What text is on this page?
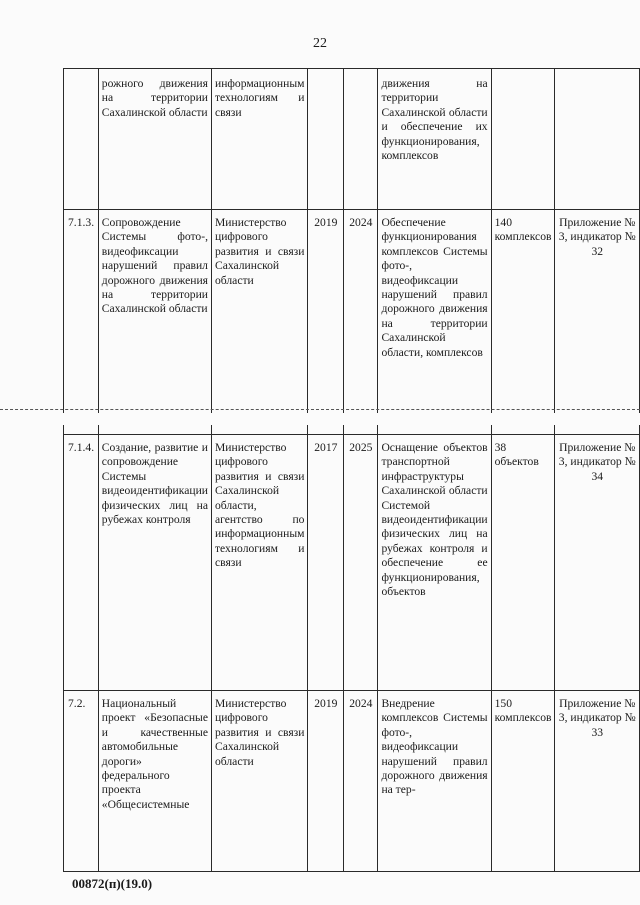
22
	рожного движения на территории Сахалинской области	информационным технологиям и связи			движения на территории Сахалинской области и обеспечение их функционирования, комплексов		
7.1.3.	Сопровождение Системы фото-, видеофиксации нарушений правил дорожного движения на территории Сахалинской области	Министерство цифрового развития и связи Сахалинской области	2019	2024	Обеспечение функционирования комплексов Системы фото-, видеофиксации нарушений правил дорожного движения на территории Сахалинской области, комплексов	140 комплексов	Приложение № 3, индикатор № 32
7.1.4.	Создание, развитие и сопровождение Системы видеоидентификации физических лиц на рубежах контроля	Министерство цифрового развития и связи Сахалинской области, агентство по информационным технологиям и связи	2017	2025	Оснащение объектов транспортной инфраструктуры Сахалинской области Системой видеоидентификации физических лиц на рубежах контроля и обеспечение ее функционирования, объектов	38 объектов	Приложение № 3, индикатор № 34
7.2.	Национальный проект «Безопасные и качественные автомобильные дороги» федерального проекта «Общесистемные	Министерство цифрового развития и связи Сахалинской области	2019	2024	Внедрение комплексов Системы фото-, видеофиксации нарушений правил дорожного движения на тер-	150 комплексов	Приложение № 3, индикатор № 33
00872(п)(19.0)
